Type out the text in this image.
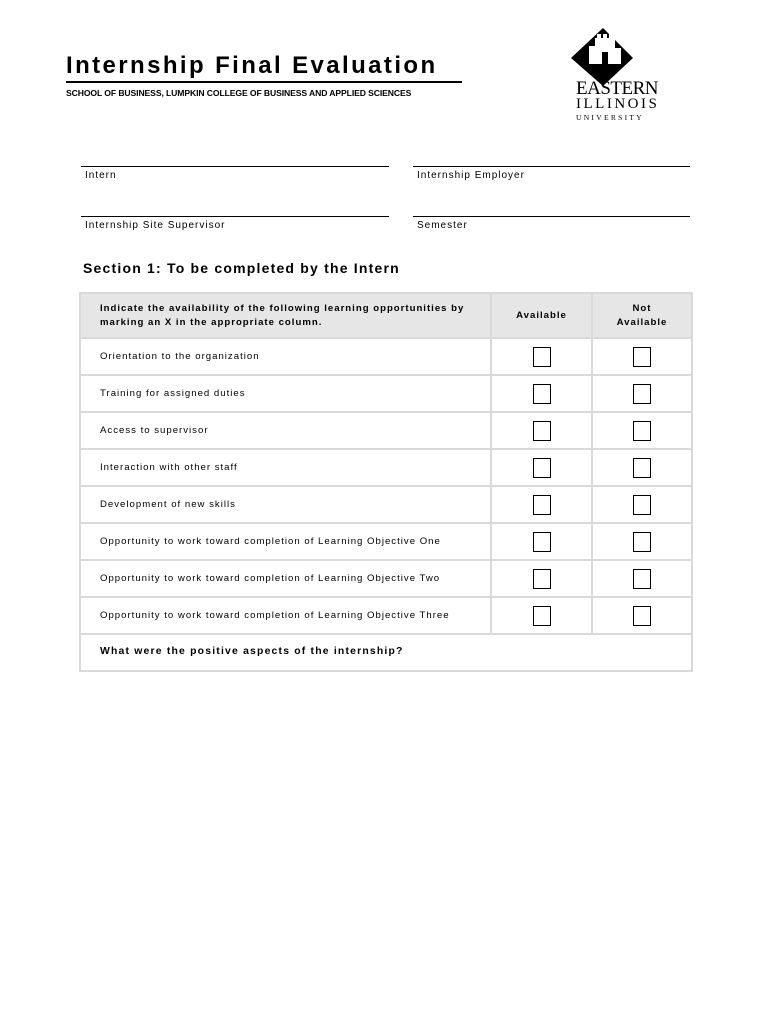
Internship Final Evaluation
SCHOOL OF BUSINESS, LUMPKIN COLLEGE OF BUSINESS AND APPLIED SCIENCES	EASTERN
ILLINOIS
UNIVERSITY
Intern	Internship Employer
Internship Site Supervisor	Semester
Section 1: To be completed by the Intern
Indicate the availability of the following learning opportunities by marking an X in the appropriate column.	Available	Not
Available
Orientation to the organization		
Training for assigned duties		
Access to supervisor		
Interaction with other staff		
Development of new skills		
Opportunity to work toward completion of Learning Objective One		
Opportunity to work toward completion of Learning Objective Two		
Opportunity to work toward completion of Learning Objective Three		

What were the positive aspects of the internship?		
